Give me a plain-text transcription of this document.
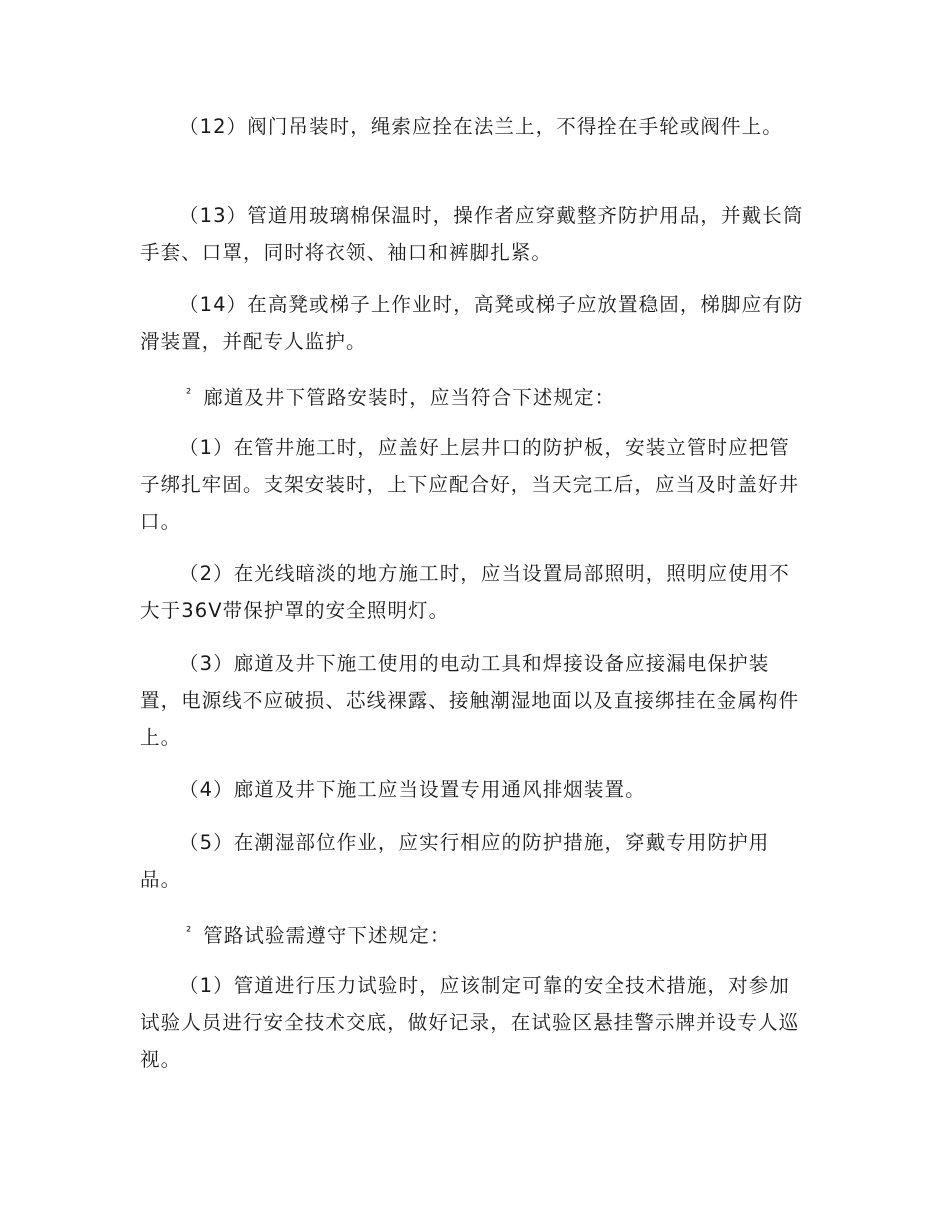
（12）阀门吊装时，绳索应拴在法兰上，不得拴在手轮或阀件上。

（13）管道用玻璃棉保温时，操作者应穿戴整齐防护用品，并戴长筒手套、口罩，同时将衣领、袖口和裤脚扎紧。

（14）在高凳或梯子上作业时，高凳或梯子应放置稳固，梯脚应有防滑装置，并配专人监护。

$^{^2}$ 廊道及井下管路安装时，应当符合下述规定：

（1）在管井施工时，应盖好上层井口的防护板，安装立管时应把管子绑扎牢固。支架安装时，上下应配合好，当天完工后，应当及时盖好井口。

（2）在光线暗淡的地方施工时，应当设置局部照明，照明应使用不大于36V带保护罩的安全照明灯。

（3）廊道及井下施工使用的电动工具和焊接设备应接漏电保护装置，电源线不应破损、芯线裸露、接触潮湿地面以及直接绑挂在金属构件上。

（4）廊道及井下施工应当设置专用通风排烟装置。

（5）在潮湿部位作业，应实行相应的防护措施，穿戴专用防护用品。

$^{^2}$ 管路试验需遵守下述规定：

（1）管道进行压力试验时，应该制定可靠的安全技术措施，对参加试验人员进行安全技术交底，做好记录，在试验区悬挂警示牌并设专人巡视。
